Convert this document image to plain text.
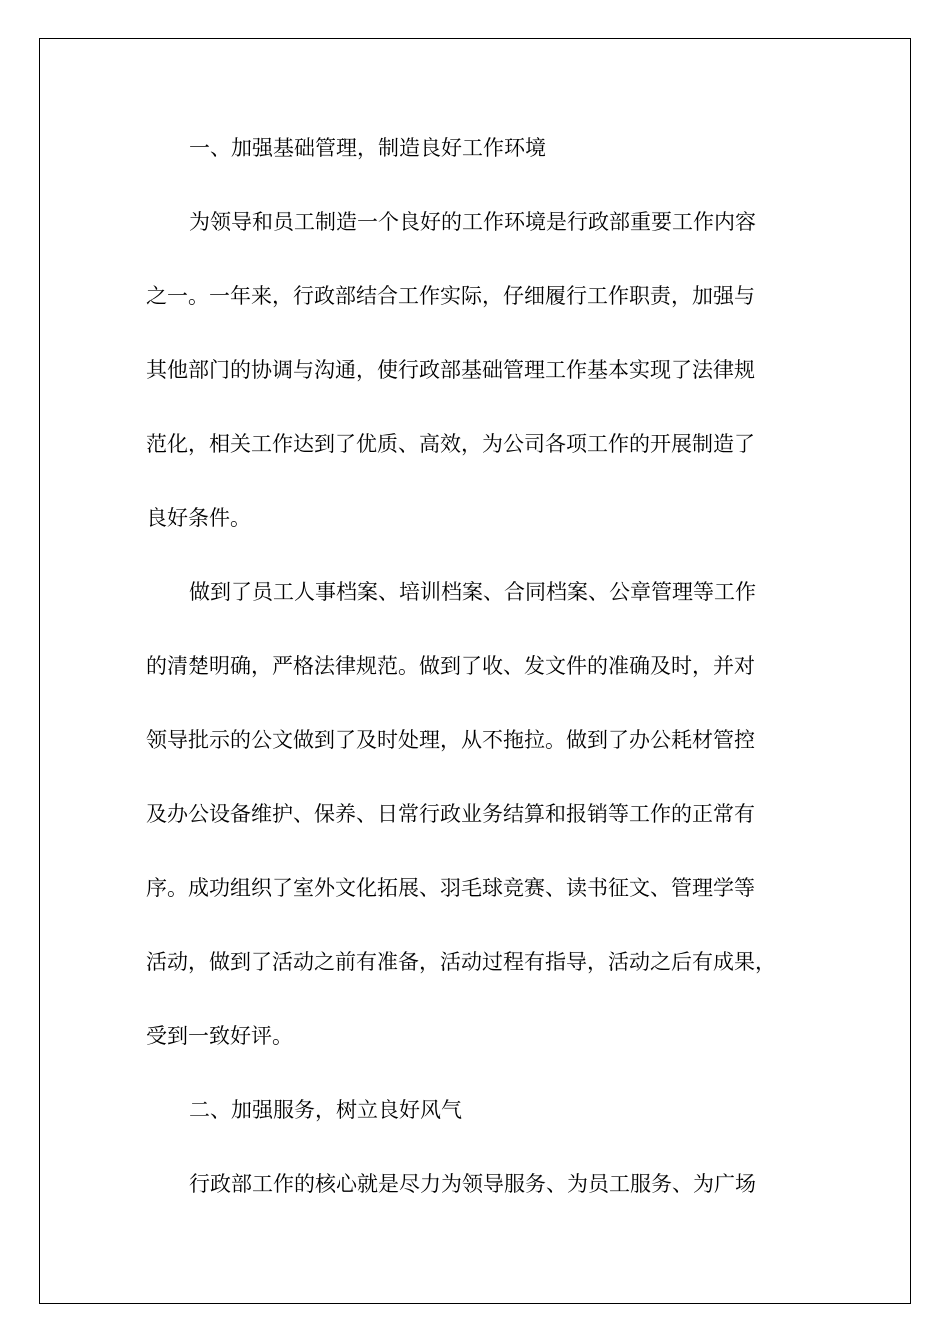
一、加强基础管理，制造良好工作环境
为领导和员工制造一个良好的工作环境是行政部重要工作内容
之一。一年来，行政部结合工作实际，仔细履行工作职责，加强与
其他部门的协调与沟通，使行政部基础管理工作基本实现了法律规
范化，相关工作达到了优质、高效，为公司各项工作的开展制造了
良好条件。
做到了员工人事档案、培训档案、合同档案、公章管理等工作
的清楚明确，严格法律规范。做到了收、发文件的准确及时，并对
领导批示的公文做到了及时处理，从不拖拉。做到了办公耗材管控
及办公设备维护、保养、日常行政业务结算和报销等工作的正常有
序。成功组织了室外文化拓展、羽毛球竞赛、读书征文、管理学等
活动，做到了活动之前有准备，活动过程有指导，活动之后有成果，
受到一致好评。
二、加强服务，树立良好风气
行政部工作的核心就是尽力为领导服务、为员工服务、为广场
